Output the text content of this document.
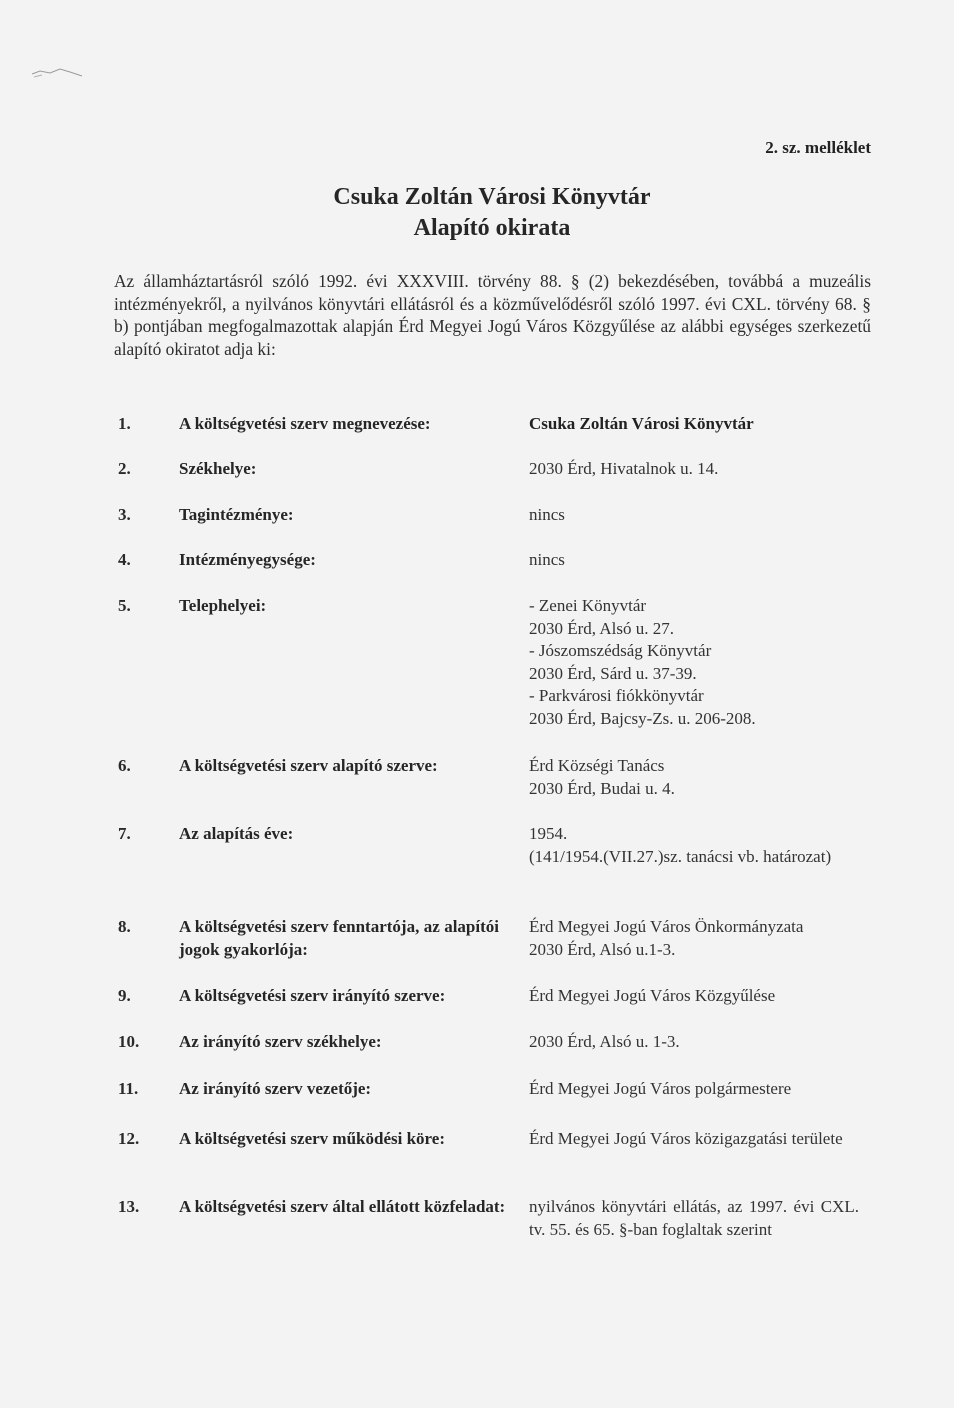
2. sz. melléklet
Csuka Zoltán Városi Könyvtár
Alapító okirata
Az államháztartásról szóló 1992. évi XXXVIII. törvény 88. § (2) bekezdésében, továbbá a muzeális intézményekről, a nyilvános könyvtári ellátásról és a közművelődésről szóló 1997. évi CXL. törvény 68. § b) pontjában megfogalmazottak alapján Érd Megyei Jogú Város Közgyűlése az alábbi egységes szerkezetű alapító okiratot adja ki:
1.	A költségvetési szerv megnevezése:	Csuka Zoltán Városi Könyvtár
2.	Székhelye:	2030 Érd, Hivatalnok u. 14.
3.	Tagintézménye:	nincs
4.	Intézményegysége:	nincs
5.	Telephelyei:	- Zenei Könyvtár
2030 Érd, Alsó u. 27.
- Jószomszédság Könyvtár
2030 Érd, Sárd u. 37-39.
- Parkvárosi fiókkönyvtár
2030 Érd, Bajcsy-Zs. u. 206-208.
6.	A költségvetési szerv alapító szerve:	Érd Községi Tanács
2030 Érd, Budai u. 4.
7.	Az alapítás éve:	1954.
(141/1954.(VII.27.)sz. tanácsi vb. határozat)
8.	A költségvetési szerv fenntartója, az alapítói jogok gyakorlója:
Érd Megyei Jogú Város Önkormányzata
2030 Érd, Alsó u.1-3.
9.	A költségvetési szerv irányító szerve:	Érd Megyei Jogú Város Közgyűlése
10. Az irányító szerv székhelye:	2030 Érd, Alsó u. 1-3.
11. Az irányító szerv vezetője:	Érd Megyei Jogú Város polgármestere
12. A költségvetési szerv működési köre:	Érd Megyei Jogú Város közigazgatási területe
13. A költségvetési szerv által ellátott közfeladat:	nyilvános könyvtári ellátás, az 1997. évi CXL. tv. 55. és 65. §-ban foglaltak szerint
